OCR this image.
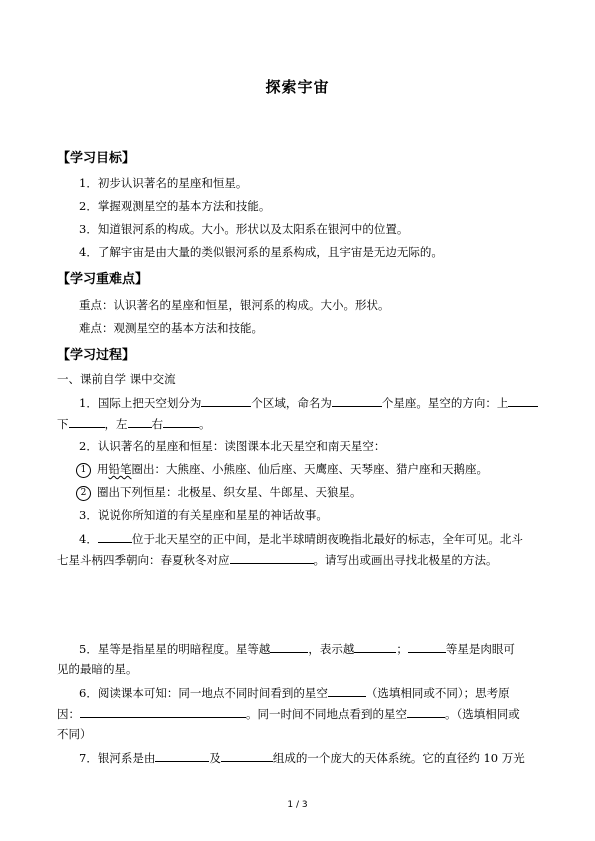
探索宇宙
【学习目标】
1．初步认识著名的星座和恒星。
2．掌握观测星空的基本方法和技能。
3．知道银河系的构成。大小。形状以及太阳系在银河中的位置。
4．了解宇宙是由大量的类似银河系的星系构成，且宇宙是无边无际的。
【学习重难点】
重点：认识著名的星座和恒星，银河系的构成。大小。形状。
难点：观测星空的基本方法和技能。
【学习过程】
一、课前自学 课中交流
1．国际上把天空划分为	个区域，命名为	个星座。星空的方向：上
下	，左 右	。
2．认识著名的星座和恒星：读图课本北天星空和南天星空：
1 用铅笔圈出：大熊座、小熊座、仙后座、天鹰座、天琴座、猎户座和天鹅座。
2 圈出下列恒星：北极星、织女星、牛郎星、天狼星。
3．说说你所知道的有关星座和星星的神话故事。
4．	位于北天星空的正中间，是北半球晴朗夜晚指北最好的标志，全年可见。北斗
七星斗柄四季朝向：春夏秋冬对应	。请写出或画出寻找北极星的方法。
5．星等是指星星的明暗程度。星等越	，表示越	；	等星是肉眼可
见的最暗的星。
6．阅读课本可知：同一地点不同时间看到的星空	（选填相同或不同）；思考原
因：	。同一时间不同地点看到的星空	。（选填相同或
不同）
7．银河系是由	及	组成的一个庞大的天体系统。它的直径约 10 万光
1 / 3
